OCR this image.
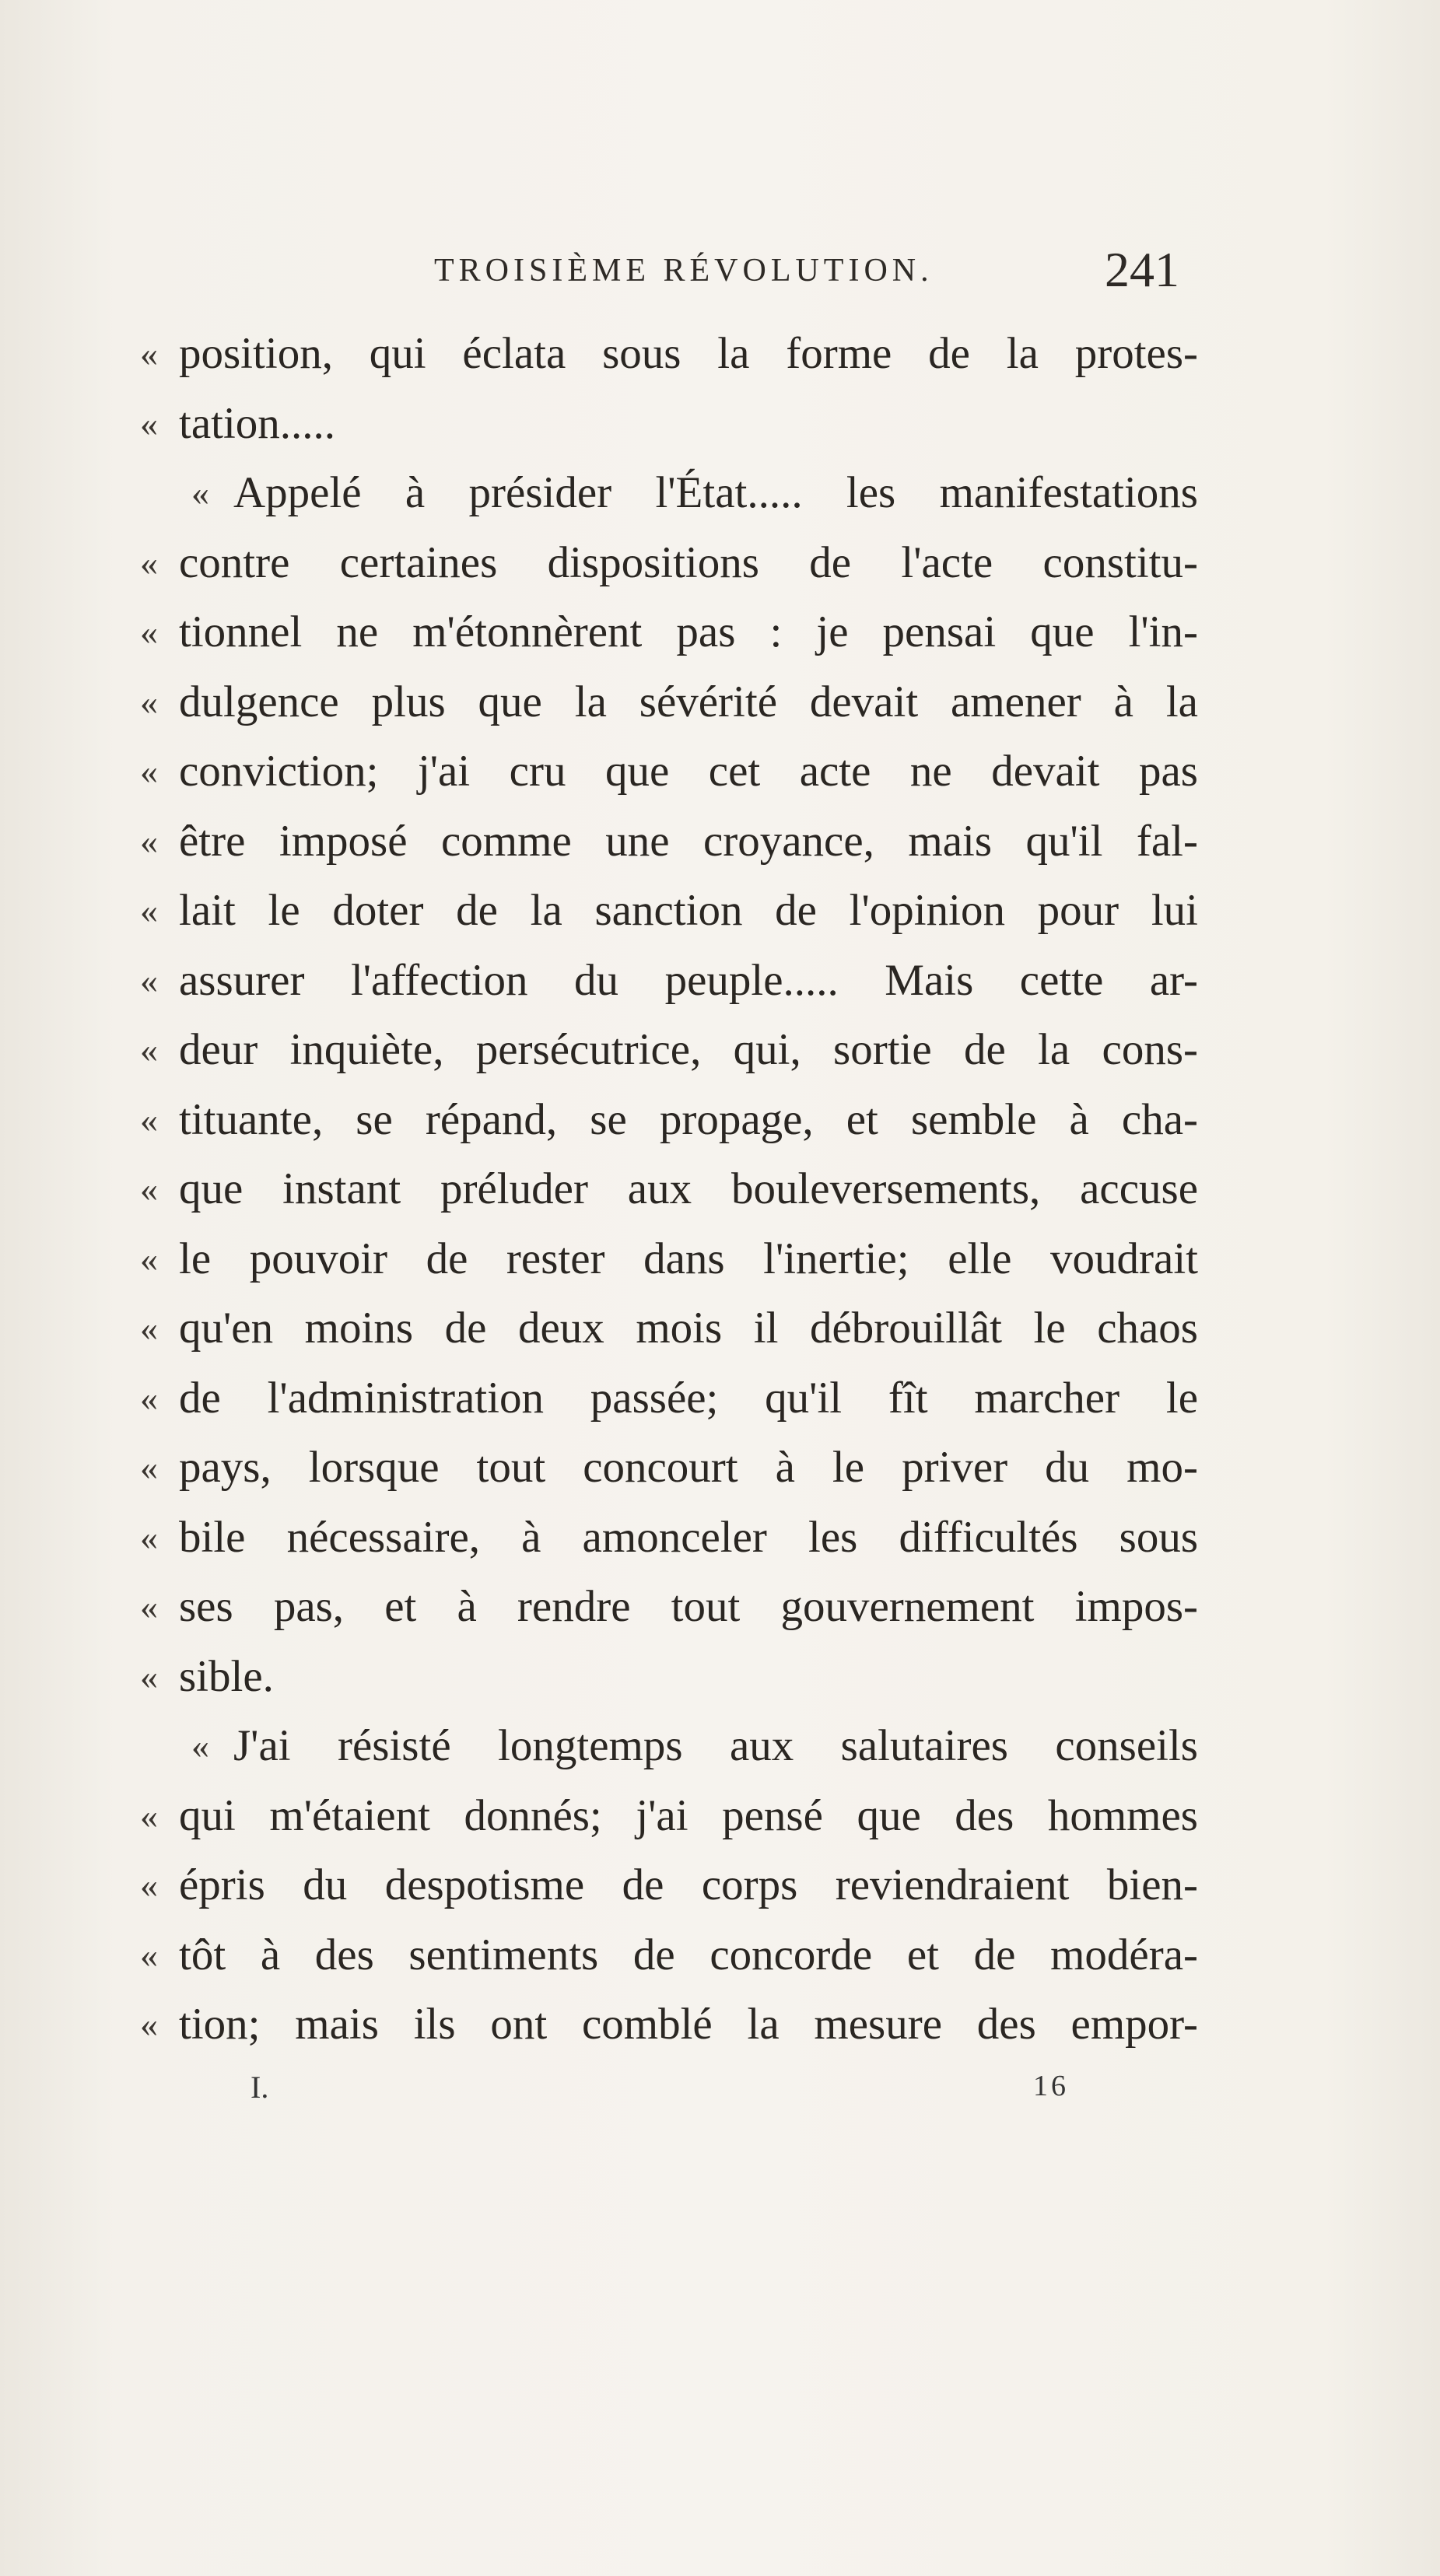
TROISIÈME RÉVOLUTION.	241
« position, qui éclata sous la forme de la protes-
« tation.....
« Appelé à présider l'État..... les manifestations
« contre certaines dispositions de l'acte constitu-
« tionnel ne m'étonnèrent pas : je pensai que l'in-
« dulgence plus que la sévérité devait amener à la
« conviction; j'ai cru que cet acte ne devait pas
« être imposé comme une croyance, mais qu'il fal-
« lait le doter de la sanction de l'opinion pour lui
« assurer l'affection du peuple..... Mais cette ar-
« deur inquiète, persécutrice, qui, sortie de la cons-
« tituante, se répand, se propage, et semble à cha-
« que instant préluder aux bouleversements, accuse
« le pouvoir de rester dans l'inertie; elle voudrait
« qu'en moins de deux mois il débrouillât le chaos
« de l'administration passée; qu'il fît marcher le
« pays, lorsque tout concourt à le priver du mo-
« bile nécessaire, à amonceler les difficultés sous
« ses pas, et à rendre tout gouvernement impos-
« sible.
« J'ai résisté longtemps aux salutaires conseils
« qui m'étaient donnés; j'ai pensé que des hommes
« épris du despotisme de corps reviendraient bien-
« tôt à des sentiments de concorde et de modéra-
« tion; mais ils ont comblé la mesure des empor-
I.	16
